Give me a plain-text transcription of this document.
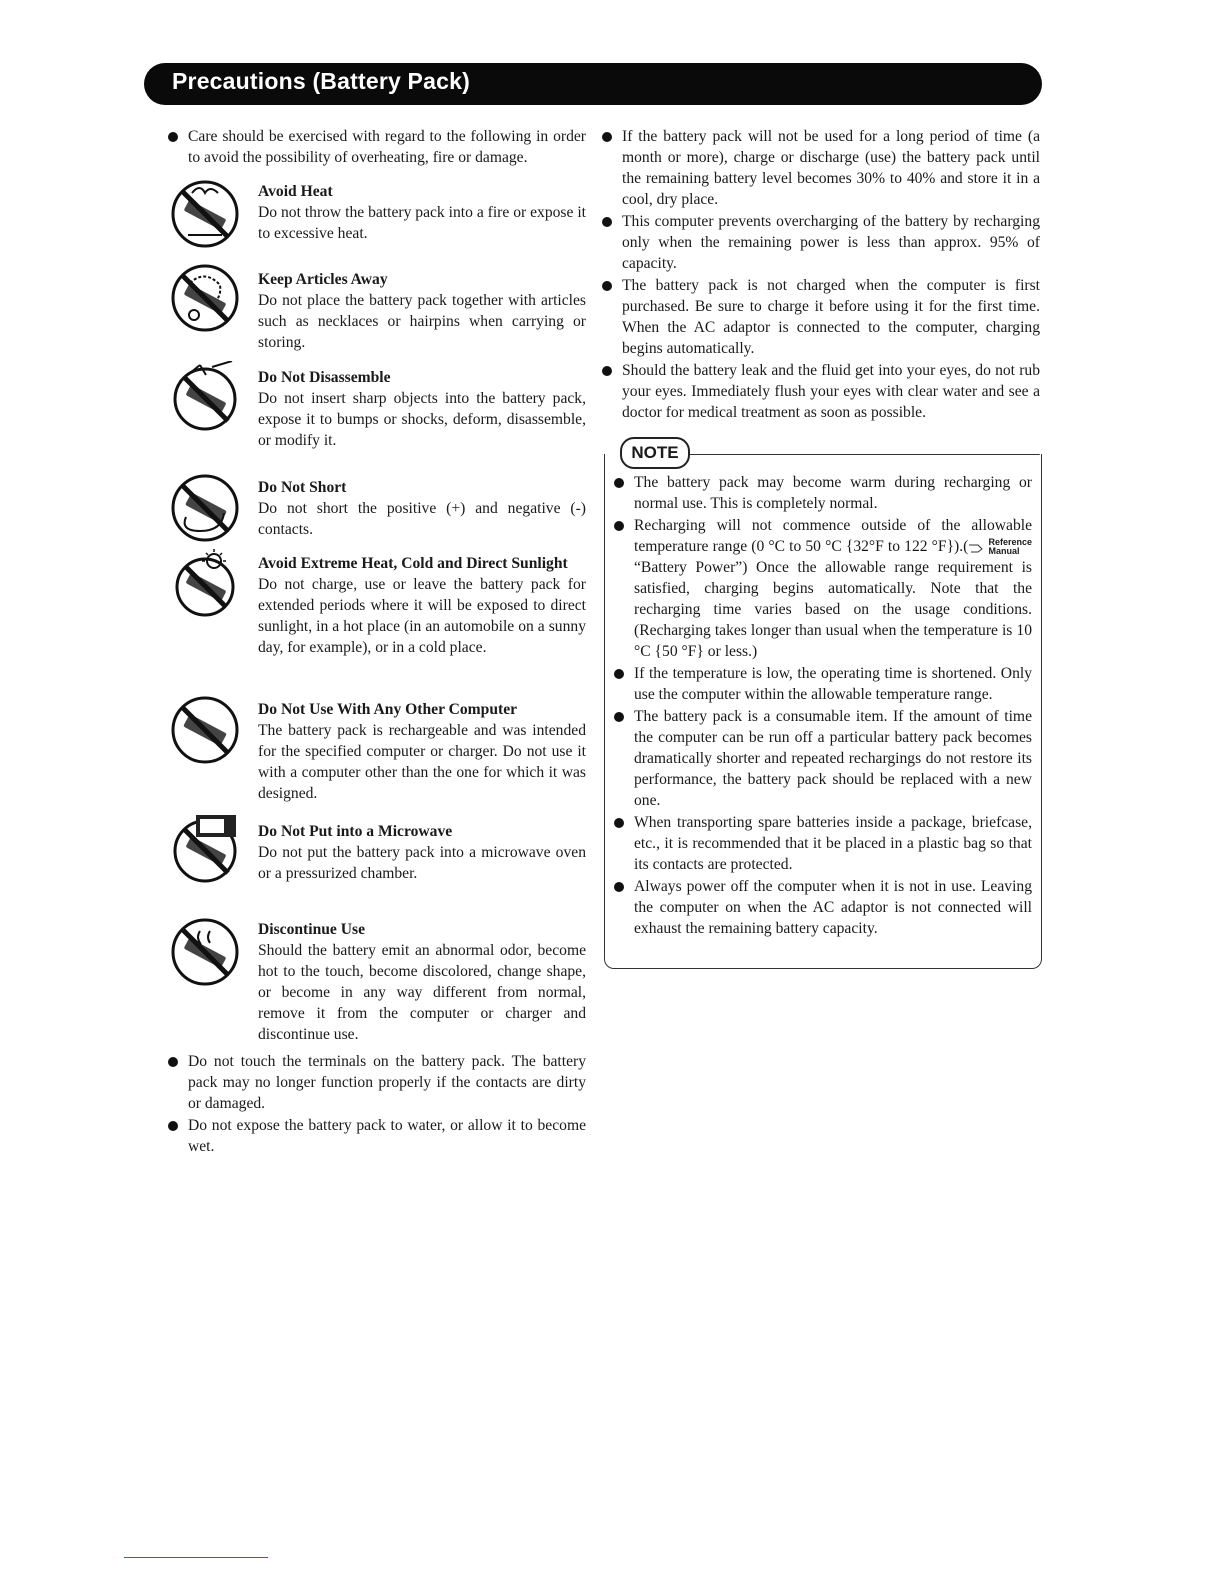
Precautions (Battery Pack)
Care should be exercised with regard to the following in order to avoid the possibility of overheating, fire or damage.
Avoid Heat
Do not throw the battery pack into a fire or expose it to excessive heat.
Keep Articles Away
Do not place the battery pack together with articles such as necklaces or hairpins when carrying or storing.
Do Not Disassemble
Do not insert sharp objects into the battery pack, expose it to bumps or shocks, deform, disassemble, or modify it.
Do Not Short
Do not short the positive (+) and negative (-) contacts.
Avoid Extreme Heat, Cold and Direct Sunlight
Do not charge, use or leave the battery pack for extended periods where it will be exposed to direct sunlight, in a hot place (in an automobile on a sunny day, for example), or in a cold place.
Do Not Use With Any Other Computer
The battery pack is rechargeable and was intended for the specified computer or charger. Do not use it with a computer other than the one for which it was designed.
Do Not Put into a Microwave
Do not put the battery pack into a microwave oven or a pressurized chamber.
Discontinue Use
Should the battery emit an abnormal odor, become hot to the touch, become discolored, change shape, or become in any way different from normal, remove it from the computer or charger and discontinue use.
Do not touch the terminals on the battery pack. The battery pack may no longer function properly if the contacts are dirty or damaged.
Do not expose the battery pack to water, or allow it to become wet.
If the battery pack will not be used for a long period of time (a month or more), charge or discharge (use) the battery pack until the remaining battery level becomes 30% to 40% and store it in a cool, dry place.
This computer prevents overcharging of the battery by recharging only when the remaining power is less than approx. 95% of capacity.
The battery pack is not charged when the computer is first purchased. Be sure to charge it before using it for the first time. When the AC adaptor is connected to the computer, charging begins automatically.
Should the battery leak and the fluid get into your eyes, do not rub your eyes. Immediately flush your eyes with clear water and see a doctor for medical treatment as soon as possible.
NOTE
The battery pack may become warm during recharging or normal use. This is completely normal.
Recharging will not commence outside of the allowable temperature range (0 °C to 50 °C {32°F to 122 °F}).( Reference
Manual
“Battery Power”) Once the allowable range requirement is satisfied, charging begins automatically. Note that the recharging time varies based on the usage conditions. (Recharging takes longer than usual when the temperature is 10 °C {50 °F} or less.)
If the temperature is low, the operating time is shortened. Only use the computer within the allowable temperature range.
The battery pack is a consumable item. If the amount of time the computer can be run off a particular battery pack becomes dramatically shorter and repeated rechargings do not restore its performance, the battery pack should be replaced with a new one.
When transporting spare batteries inside a package, briefcase, etc., it is recommended that it be placed in a plastic bag so that its contacts are protected.
Always power off the computer when it is not in use. Leaving the computer on when the AC adaptor is not connected will exhaust the remaining battery capacity.
